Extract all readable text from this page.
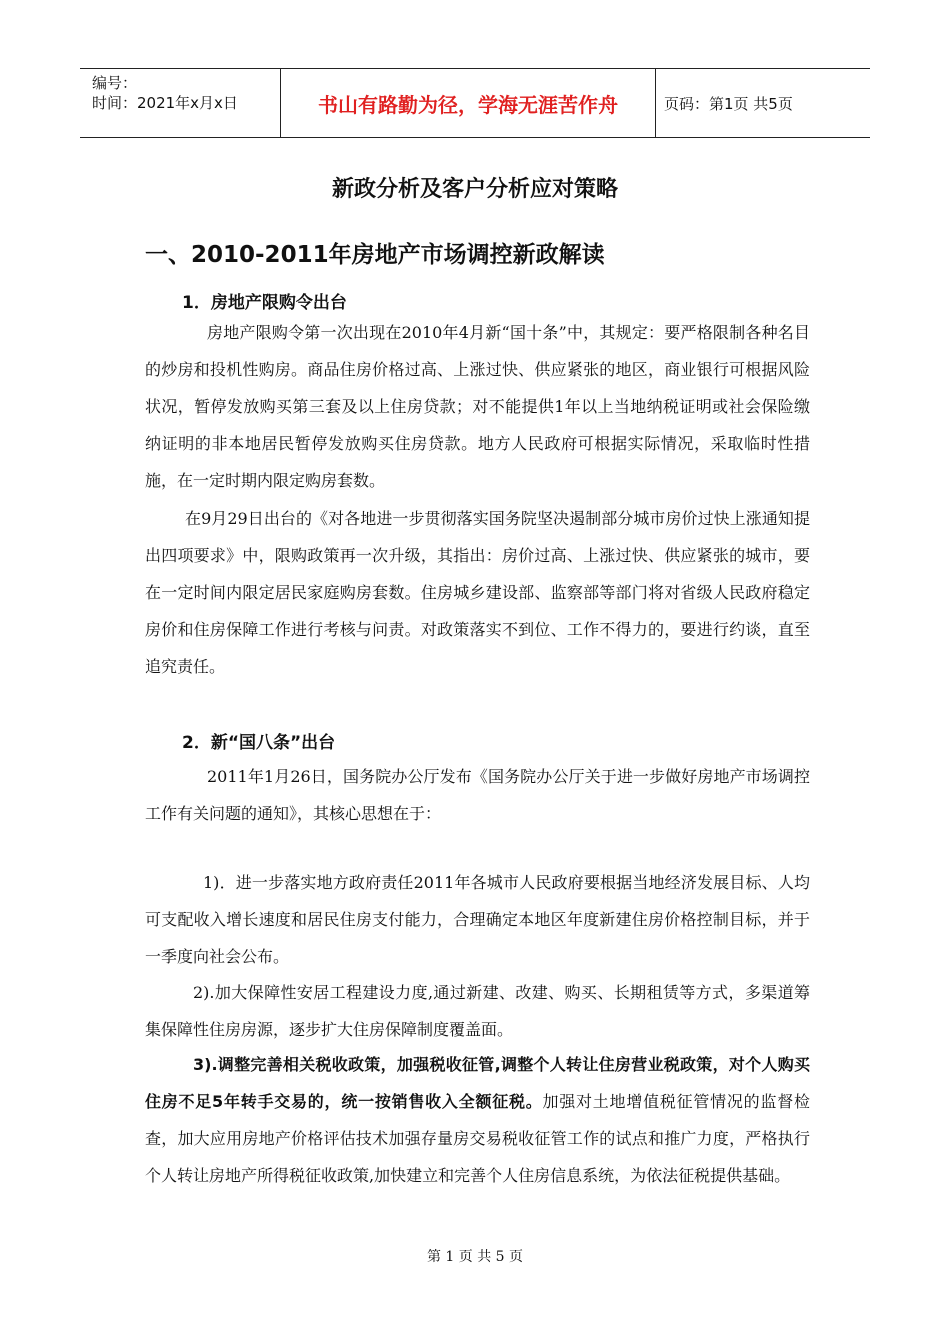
编号：
时间：2021年x月x日	书山有路勤为径，学海无涯苦作舟	页码：第1页 共5页
新政分析及客户分析应对策略
一、2010-2011年房地产市场调控新政解读
1．房地产限购令出台
房地产限购令第一次出现在2010年4月新“国十条”中，其规定：要严格限制各种名目的炒房和投机性购房。商品住房价格过高、上涨过快、供应紧张的地区，商业银行可根据风险状况，暂停发放购买第三套及以上住房贷款；对不能提供1年以上当地纳税证明或社会保险缴纳证明的非本地居民暂停发放购买住房贷款。地方人民政府可根据实际情况，采取临时性措施，在一定时期内限定购房套数。
在9月29日出台的《对各地进一步贯彻落实国务院坚决遏制部分城市房价过快上涨通知提出四项要求》中，限购政策再一次升级，其指出：房价过高、上涨过快、供应紧张的城市，要在一定时间内限定居民家庭购房套数。住房城乡建设部、监察部等部门将对省级人民政府稳定房价和住房保障工作进行考核与问责。对政策落实不到位、工作不得力的，要进行约谈，直至追究责任。
2．新“国八条”出台
2011年1月26日，国务院办公厅发布《国务院办公厅关于进一步做好房地产市场调控工作有关问题的通知》，其核心思想在于：
1)．进一步落实地方政府责任2011年各城市人民政府要根据当地经济发展目标、人均可支配收入增长速度和居民住房支付能力，合理确定本地区年度新建住房价格控制目标，并于一季度向社会公布。
2).加大保障性安居工程建设力度,通过新建、改建、购买、长期租赁等方式，多渠道筹集保障性住房房源，逐步扩大住房保障制度覆盖面。
3).调整完善相关税收政策，加强税收征管,调整个人转让住房营业税政策，对个人购买住房不足5年转手交易的，统一按销售收入全额征税。加强对土地增值税征管情况的监督检查，加大应用房地产价格评估技术加强存量房交易税收征管工作的试点和推广力度，严格执行个人转让房地产所得税征收政策,加快建立和完善个人住房信息系统，为依法征税提供基础。
第 1 页 共 5 页
